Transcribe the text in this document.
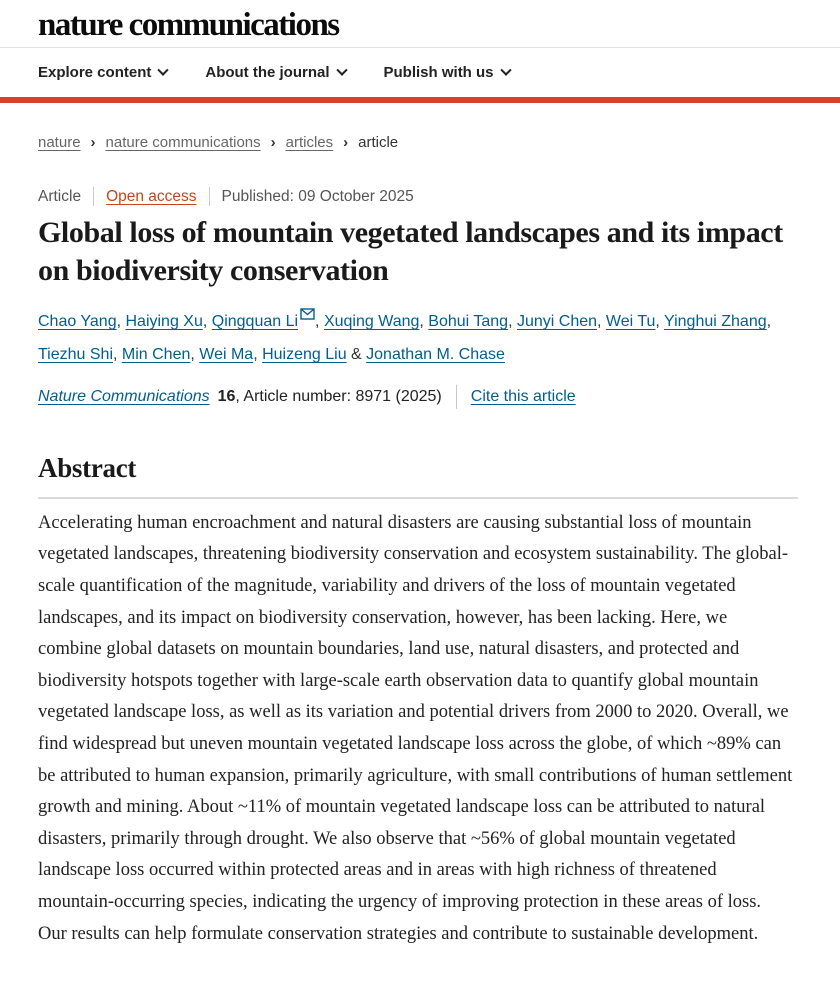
nature communications
Explore content	About the journal	Publish with us
nature › nature communications › articles › article
Article Open access Published: 09 October 2025
Global loss of mountain vegetated landscapes and its impact on biodiversity conservation
Chao Yang, Haiying Xu, Qingquan Li , Xuqing Wang, Bohui Tang, Junyi Chen, Wei Tu, Yinghui Zhang, Tiezhu Shi, Min Chen, Wei Ma, Huizeng Liu & Jonathan M. Chase
Nature Communications 16 , Article number: 8971 (2025) Cite this article
Abstract

Accelerating human encroachment and natural disasters are causing substantial loss of mountain vegetated landscapes, threatening biodiversity conservation and ecosystem sustainability. The global-scale quantification of the magnitude, variability and drivers of the loss of mountain vegetated landscapes, and its impact on biodiversity conservation, however, has been lacking. Here, we combine global datasets on mountain boundaries, land use, natural disasters, and protected and biodiversity hotspots together with large-scale earth observation data to quantify global mountain vegetated landscape loss, as well as its variation and potential drivers from 2000 to 2020. Overall, we find widespread but uneven mountain vegetated landscape loss across the globe, of which ~89% can be attributed to human expansion, primarily agriculture, with small contributions of human settlement growth and mining. About ~11% of mountain vegetated landscape loss can be attributed to natural disasters, primarily through drought. We also observe that ~56% of global mountain vegetated landscape loss occurred within protected areas and in areas with high richness of threatened mountain-occurring species, indicating the urgency of improving protection in these areas of loss. Our results can help formulate conservation strategies and contribute to sustainable development.
